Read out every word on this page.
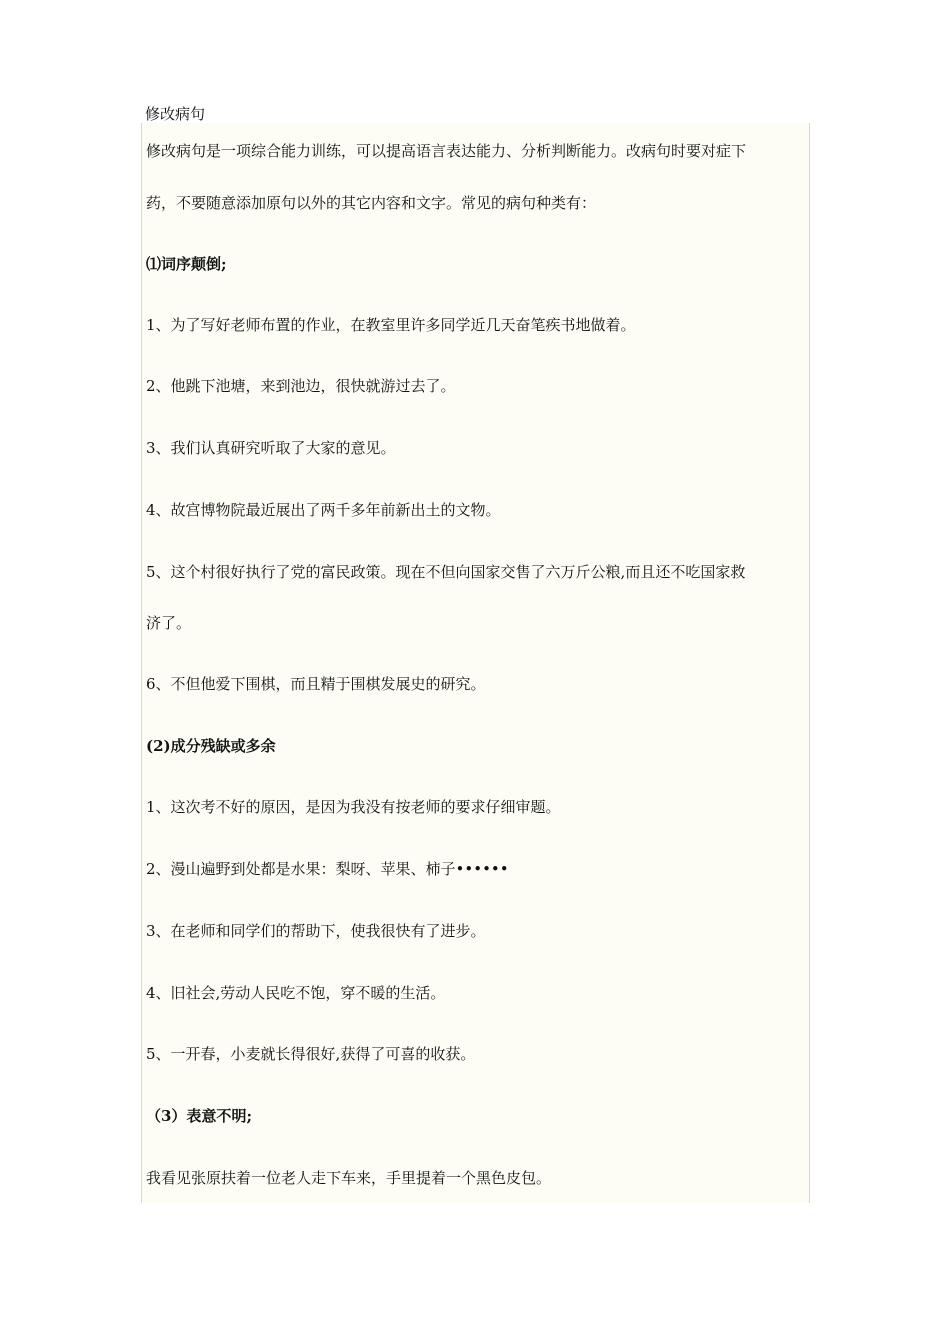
修改病句
修改病句是一项综合能力训练，可以提高语言表达能力、分析判断能力。改病句时要对症下
药，不要随意添加原句以外的其它内容和文字。常见的病句种类有：
⑴词序颠倒;
1、为了写好老师布置的作业，在教室里许多同学近几天奋笔疾书地做着。
2、他跳下池塘，来到池边，很快就游过去了。
3、我们认真研究听取了大家的意见。
4、故宫博物院最近展出了两千多年前新出土的文物。
5、这个村很好执行了党的富民政策。现在不但向国家交售了六万斤公粮,而且还不吃国家救
济了。
6、不但他爱下围棋，而且精于围棋发展史的研究。
(2)成分残缺或多余
1、这次考不好的原因，是因为我没有按老师的要求仔细审题。
2、漫山遍野到处都是水果：梨呀、苹果、柿子••••••
3、在老师和同学们的帮助下，使我很快有了进步。
4、旧社会,劳动人民吃不饱，穿不暖的生活。
5、一开春，小麦就长得很好,获得了可喜的收获。
（3）表意不明;
我看见张原扶着一位老人走下车来，手里提着一个黑色皮包。
